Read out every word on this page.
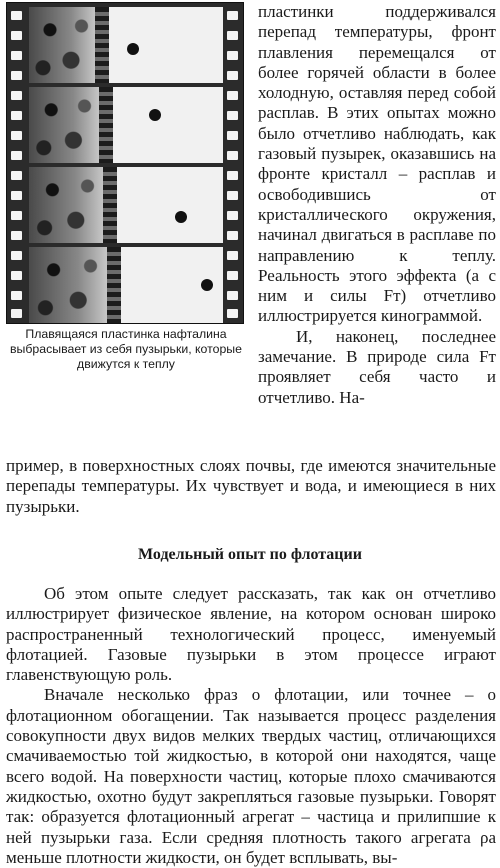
Плавящаяся пластинка нафталина выбрасывает из себя пузырьки, которые движутся к теплу

пластинки поддерживался перепад температуры, фронт плавления перемещался от более горячей области в более холодную, оставляя перед собой расплав. В этих опытах можно было отчетливо наблюдать, как газовый пузырек, оказавшись на фронте кристалл – расплав и освободившись от кристаллического окружения, начинал двигаться в расплаве по направлению к теплу. Реальность этого эффекта (а с ним и силы Fт) отчетливо иллюстрируется кинограммой.

И, наконец, последнее замечание. В природе сила Fт проявляет себя часто и отчетливо. На-

пример, в поверхностных слоях почвы, где имеются значительные перепады температуры. Их чувствует и вода, и имеющиеся в них пузырьки.

Модельный опыт по флотации

Об этом опыте следует рассказать, так как он отчетливо иллюстрирует физическое явление, на котором основан широко распространенный технологический процесс, именуемый флотацией. Газовые пузырьки в этом процессе играют главенствующую роль.

Вначале несколько фраз о флотации, или точнее – о флотационном обогащении. Так называется процесс разделения совокупности двух видов мелких твердых частиц, отличающихся смачиваемостью той жидкостью, в которой они находятся, чаще всего водой. На поверхности частиц, которые плохо смачиваются жидкостью, охотно будут закрепляться газовые пузырьки. Говорят так: образуется флотационный агрегат – частица и прилипшие к ней пузырьки газа. Если средняя плотность такого агрегата ρа меньше плотности жидкости, он будет всплывать, вы-
